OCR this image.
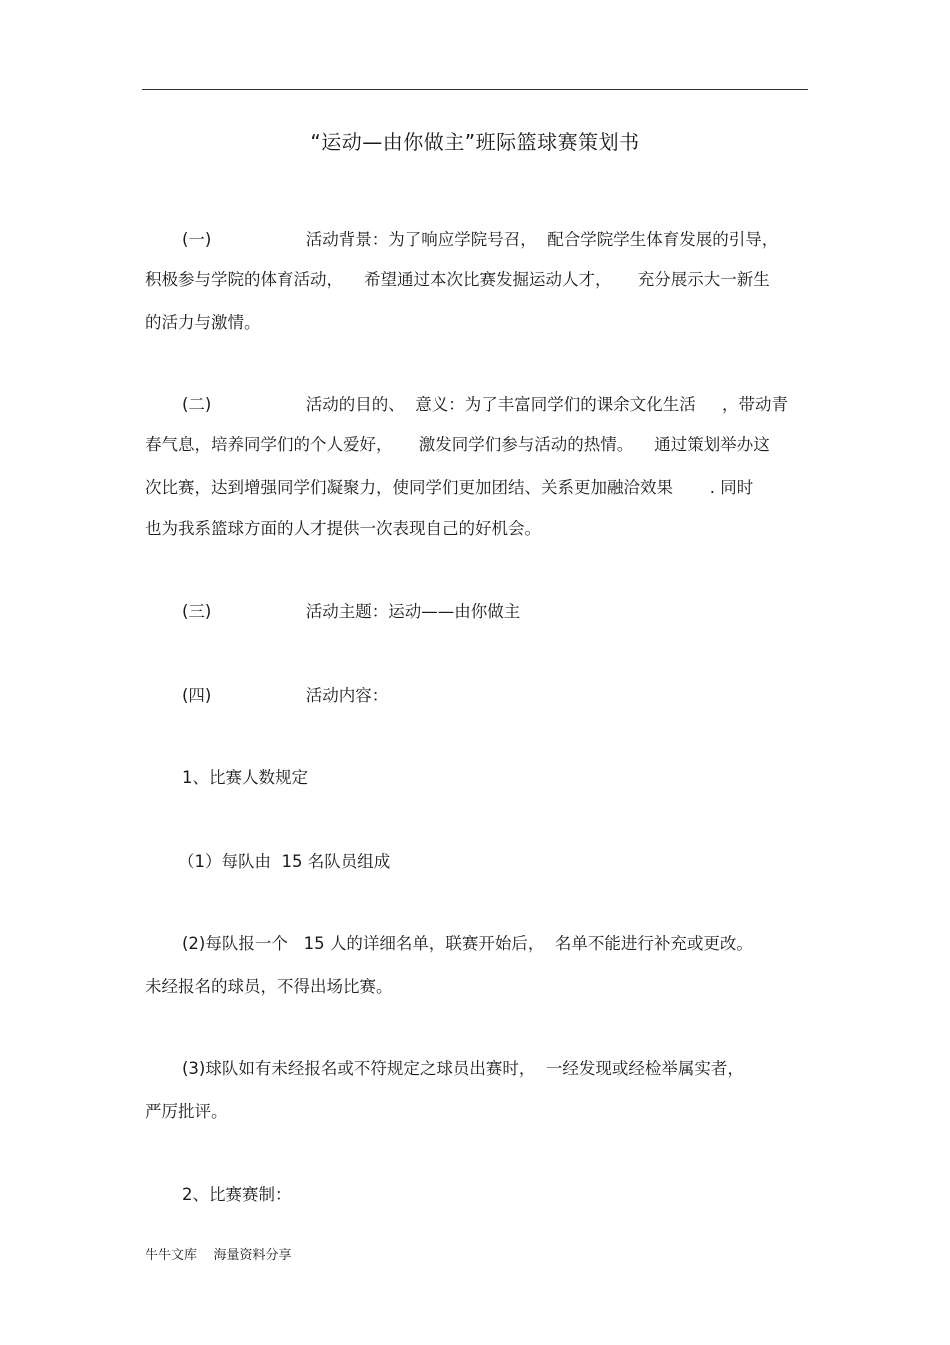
“运动—由你做主”班际篮球赛策划书
(一)                  活动背景：为了响应学院号召，  配合学院学生体育发展的引导，
积极参与学院的体育活动，    希望通过本次比赛发掘运动人才，     充分展示大一新生
的活力与激情。
(二)                  活动的目的、  意义：为了丰富同学们的课余文化生活     ，带动青
春气息，培养同学们的个人爱好，     激发同学们参与活动的热情。    通过策划举办这
次比赛，达到增强同学们凝聚力，使同学们更加团结、关系更加融洽效果       . 同时
也为我系篮球方面的人才提供一次表现自己的好机会。
(三)                  活动主题：运动——由你做主
(四)                  活动内容：
1、比赛人数规定
（1）每队由  15 名队员组成
(2)每队报一个   15 人的详细名单，联赛开始后，  名单不能进行补充或更改。
未经报名的球员，不得出场比赛。
(3)球队如有未经报名或不符规定之球员出赛时，  一经发现或经检举属实者，
严厉批评。
2、比赛赛制：
牛牛文库    海量资料分享
